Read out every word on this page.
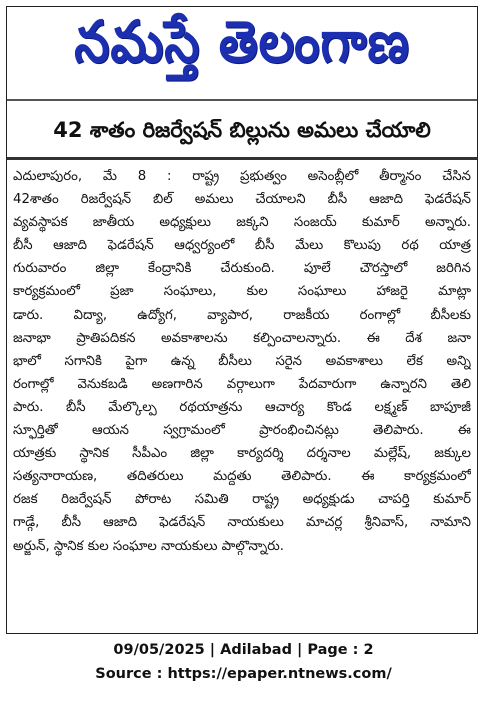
నమస్తే తెలంగాణ
42 శాతం రిజర్వేషన్ బిల్లును అమలు చేయాలి
ఎదులాపురం, మే 8 : రాష్ట్ర ప్రభుత్వం అసెంబ్లీలో తీర్మానం చేసిన
42శాతం రిజర్వేషన్ బిల్ అమలు చేయాలని బీసీ ఆజాది ఫెడరేషన్
వ్యవస్థాపక జాతీయ అధ్యక్షులు జక్కని సంజయ్ కుమార్ అన్నారు.
బీసీ ఆజాది ఫెడరేషన్ ఆధ్వర్యంలో బీసీ మేలు కొలుపు రథ యాత్ర
గురువారం జిల్లా కేంద్రానికి చేరుకుంది. పూలే చౌరస్తాలో జరిగిన
కార్యక్రమంలో ప్రజా సంఘాలు, కుల సంఘాలు హాజరై మాట్లా
డారు. విద్యా, ఉద్యోగ, వ్యాపార, రాజకీయ రంగాల్లో బీసీలకు
జనాభా ప్రాతిపదికన అవకాశాలను కల్పించాలన్నారు. ఈ దేశ జనా
భాలో సగానికి పైగా ఉన్న బీసీలు సరైన అవకాశాలు లేక అన్ని
రంగాల్లో వెనుకబడి అణగారిన వర్గాలుగా పేదవారుగా ఉన్నారని తెలి
పారు. బీసీ మేల్కొల్ప రథయాత్రను ఆచార్య కొండ లక్ష్మణ్ బాపూజీ
స్ఫూర్తితో ఆయన స్వగ్రామంలో ప్రారంభించినట్లు తెలిపారు. ఈ
యాత్రకు స్థానిక సీపీఎం జిల్లా కార్యదర్శి దర్శనాల మల్లేష్, జక్కుల
సత్యనారాయణ, తదితరులు మద్దతు తెలిపారు. ఈ కార్యక్రమంలో
రజక రిజర్వేషన్ పోరాట సమితి రాష్ట్ర అధ్యక్షుడు చాపర్తి కుమార్
గాడ్గే, బీసీ ఆజాది ఫెడరేషన్ నాయకులు మాచర్ల శ్రీనివాస్, నామాని
అర్జున్, స్థానిక కుల సంఘాల నాయకులు పాల్గొన్నారు.
09/05/2025 | Adilabad | Page : 2
Source : https://epaper.ntnews.com/
